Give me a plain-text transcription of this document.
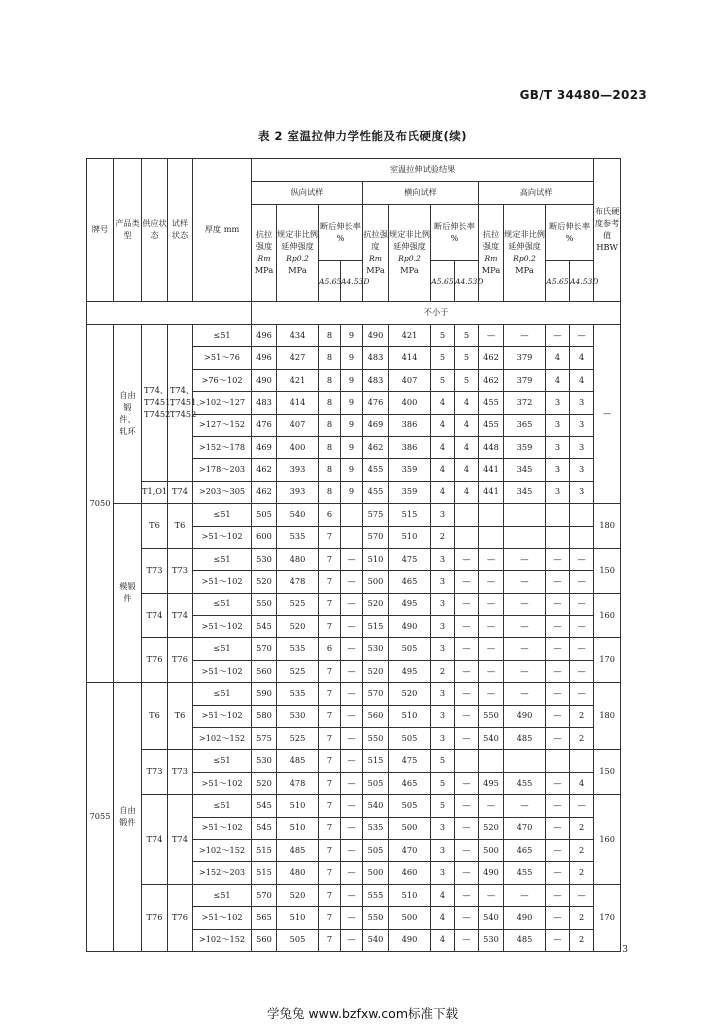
GB/T 34480—2023
表 2 室温拉伸力学性能及布氏硬度(续)
牌号	产品类型	供应状态	试样状态	厚度 mm	室温拉伸试验结果												布氏硬度参考值 HBW
					纵向试样				横向试样				高向试样				
					抗拉强度
Rm
MPa	规定非比例延伸强度
Rp0.2
MPa	断后伸长率 %		抗拉强度
Rm
MPa	规定非比例延伸强度
Rp0.2
MPa	断后伸长率 %		抗拉强度
Rm
MPa	规定非比例延伸强度
Rp0.2
MPa	断后伸长率 %		
							A5.65	A4.53D			A5.65	A4.53D			A5.65	A4.53D	
					不小于												
7050	自由锻件、轧环	T74、T7451、T7452	T74、T7451、T7452	≤51	496	434	8	9	490	421	5	5	—	—	—	—	—
				>51～76	496	427	8	9	483	414	5	5	462	379	4	4	
				>76～102	490	421	8	9	483	407	5	5	462	379	4	4	
				>102～127	483	414	8	9	476	400	4	4	455	372	3	3	
				>127～152	476	407	8	9	469	386	4	4	455	365	3	3	
				>152～178	469	400	8	9	462	386	4	4	448	359	3	3	
				>178～203	462	393	8	9	455	359	4	4	441	345	3	3	
		T1,O1	T74	>203～305	462	393	8	9	455	359	4	4	441	345	3	3	
	模锻件	T6	T6	≤51	505	540	6		575	515	3						180
				>51～102	600	535	7		570	510	2						
		T73	T73	≤51	530	480	7	—	510	475	3	—	—	—	—	—	150
				>51～102	520	478	7	—	500	465	3	—	—	—	—	—	
		T74	T74	≤51	550	525	7	—	520	495	3	—	—	—	—	—	160
				>51～102	545	520	7	—	515	490	3	—	—	—	—	—	
		T76	T76	≤51	570	535	6	—	530	505	3	—	—	—	—	—	170
				>51～102	560	525	7	—	520	495	2	—	—	—	—	—	
7055	自由锻件	T6	T6	≤51	590	535	7	—	570	520	3	—	—	—	—	—	180
				>51～102	580	530	7	—	560	510	3	—	550	490	—	2	
				>102～152	575	525	7	—	550	505	3	—	540	485	—	2	
		T73	T73	≤51	530	485	7	—	515	475	5						150
				>51～102	520	478	7	—	505	465	5	—	495	455	—	4	
		T74	T74	≤51	545	510	7	—	540	505	5	—	—	—	—	—	160
				>51～102	545	510	7	—	535	500	3	—	520	470	—	2	
				>102～152	515	485	7	—	505	470	3	—	500	465	—	2	
				>152～203	515	480	7	—	500	460	3	—	490	455	—	2	
		T76	T76	≤51	570	520	7	—	555	510	4	—	—	—	—	—	170
				>51～102	565	510	7	—	550	500	4	—	540	490	—	2	
				>102～152	560	505	7	—	540	490	4	—	530	485	—	2	
3
学兔兔 www.bzfxw.com标准下载
